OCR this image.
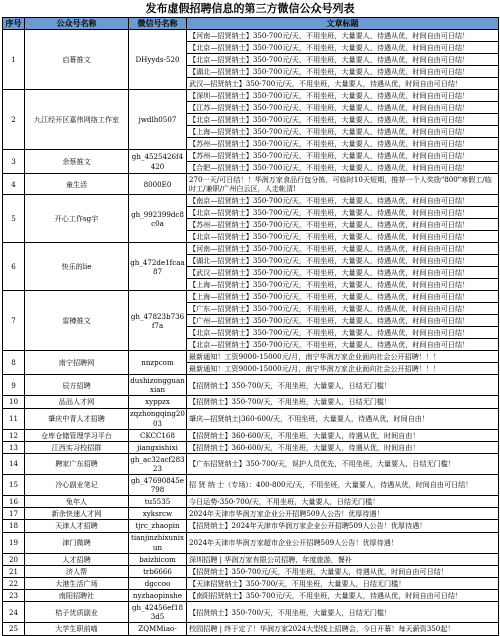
发布虚假招聘信息的第三方微信公众号列表
序号	公众号名称	微信号名称	文章标题
1	启幕推文	DHyyds-520	【河南—招贤纳士】350-700元/天，不用坐班，大量要人，待遇从优，时间自由可日结！
【北京—招贤纳士】350-700元/天，不用坐班，大量要人，待遇从优，时间自由可日结！
【北京—招贤纳士】350-700元/天，不用坐班，大量要人，待遇从优，时间自由可日结！
【湖北—招贤纳士】350-700元/天，不用坐班，大量要人，待遇从优，时间自由可日结！
武汉—招贤纳士】350-700元/天，不用坐班，大量要人，待遇从优，时间自由可日结！

2	九江经开区嘉伟网络工作室	jwdlh0507	【深圳—招贤纳士】350-700元/天，不用坐班，大量要人，待遇从优，时间自由可日结！
【江苏—招贤纳士】350-700元/天，不用坐班，大量要人，待遇从优，时间自由可日结！
【北京—招贤纳士】350-700元/天，不用坐班，大量要人，待遇从优，时间自由可日结！
【上海—招贤纳士】350-700元/天，不用坐班，大量要人，待遇从优，时间自由可日结！
【苏州—招贤纳士】350-700元/天，不用坐班，大量要人，待遇从优，时间自由可日结！

3	余蔡推文	gh_4525426f4420	【苏州—招贤纳士】350-700元/天，不用坐班，大量要人，待遇从优，时间自由可日结！
【合肥—招贤纳士】350-700元/天，不用坐班，大量要人，待遇从优，时间自由可日结！

4	童生活	8000E0	270一天/可日结！！华润万家食品行包分拣，可临时10天短期，推荐一个人奖励"800"寒假工/临时工/兼职/广州白云区，人走帐清!

5	开心工作sg宇	gh_992399dc8c0a	【南京—招贤纳士】350-700元/天，不用坐班，大量要人，待遇从优，时间自由可日结！
【北京—招贤纳士】350-700元/天，不用坐班，大量要人，待遇从优，时间自由可日结！
【苏州—招贤纳士】350-700元/天，不用坐班，大量要人，待遇从优，时间自由可日结！
【北京—招贤纳士】350-700元/天，不用坐班，大量要人，待遇从优，时间自由可日结！

6	快乐的lie	gh_472de1fcaa87	【河南—招贤纳士】350-700元/天，不用坐班，大量要人，待遇从优，时间自由可日结！
【湖北—招贤纳士】350-700元/天，不用坐班，大量要人，待遇从优，时间自由可日结！
【武汉—招贤纳士】350-700元/天，不用坐班，大量要人，待遇从优，时间自由可日结！
【上海—招贤纳士】350-700元/天，不用坐班，大量要人，待遇从优，时间自由可日结！

7	雷樽推文	gh_47823b736f7a	【上海—招贤纳士】350-700元/天，不用坐班，大量要人，待遇从优，时间自由可日结！
【广东—招贤纳士】350-700元/天，不用坐班，大量要人，待遇从优，时间自由可日结！
【广州—招贤纳士】350-700元/天，不用坐班，大量要人，待遇从优，时间自由可日结！
【北京—招贤纳士】350-700元/天，不用坐班，大量要人，待遇从优，时间自由可日结！
【北京—招贤纳士】350-700元/天，不用坐班，大量要人，待遇从优，时间自由可日结！

8	南宁招聘网	nnzpcom	最新通知！工资9000-15000元/月，南宁华润万家企业面向社会公开招聘！！！
最新通知！工资9000-15000元/月，南宁华润万家企业面向社会公开招聘！！！

9	辰方招聘	dushizongguanxian	【招贤纳士】350-700/天，不用坐班，大量要人，日结无门槛！

10	品品人才网	xyppzx	【招贤纳士】350-700/天，不用坐班，大量要人，日结无门槛！

11	肇庆中青人才招聘	zqzhongqing2003	肇庆—招贤纳士|360-600/天，不用坐班，大量要人，待遇从优，时间自由！

12	仓库仓储管理学习平台	CKCC168	【招贤纳士】360-600/天，不用坐班，大量要人，待遇从优，时间自由！

13	江西实习校招群	jiangxishixi	【招贤纳士】360-600/天，不用坐班，大量要人，待遇从优，时间自由！

14	聘家广东招聘	gh_ac32acf28323	【广东招贤纳士】350-700/天，误护人员优先，不用坐班，大量要人，日结无门槛！

15	冷心副业笔记	gh_47690845e798	招 贤 纳 士（专场）：400-800元/天，不用坐班，大量要人，待遇从优，时间自由可日结！

16	兔年人	tu5535	今日运势-350-700/天，不用坐班，大量要人，日结无门槛！

17	新余快速人才网	xyksrcw	2024年天津市华润万家企业公开招聘509人公告！优厚待遇！

18	天津人才招聘	tjrc_zhaopin	【招贤纳士】2024年天津市华润万家企业公开招聘509人公告！优厚待遇！

19	津门微聘	tianjinzhixunixun	2024年天津市华润万家超市企业公开招聘509人公告！优厚待遇！

20	人才招聘	baizhicom	深圳招聘 | 华润万家有限公司招聘，年度旅游，餐补

21	济人帮	trb6666	【招贤纳士】350-700元/天，不用坐班，大量要人，待遇从优，时间自由可日结！

22	大港生活广场	dgccoo	【天津招贤纳士】350-700/天，不用坐班，大量要人，日结无门槛！

23	南阳招聘社	nyzhaopinshe	【南阳招贤纳士】350-700元/天，不用坐班，大量要人，待遇从优，时间自由可日结！

24	桔子优质副业	gh_42456ef183d5	【招贤纳士】350-700/天，不用坐班，大量要人，日结无门槛！

25	大学生职前喵	ZQMMiao-	校园招聘 | 终于定了！华润万家2024大型线上招聘会，今日开幕！每天薪资350起！
